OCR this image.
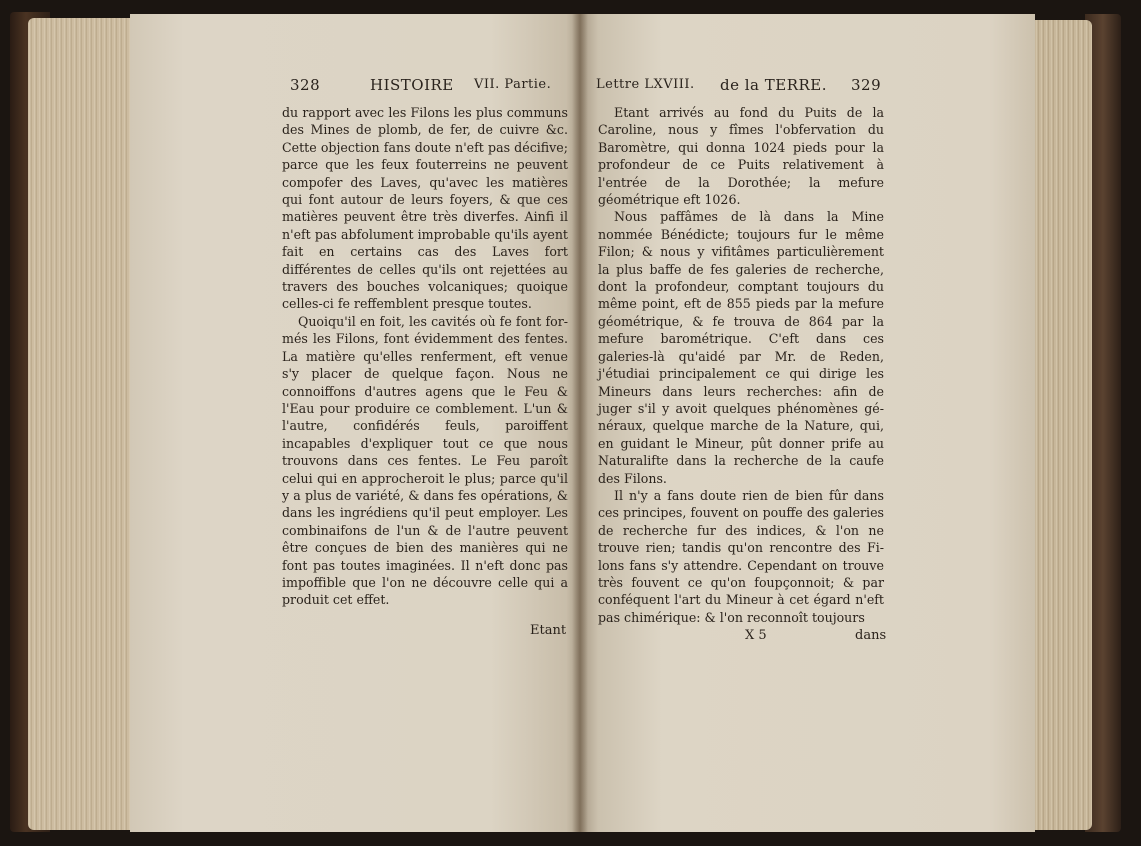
328	HISTOIRE VII. Partie.

du rapport avec les Filons les plus communs des Mines de plomb, de fer, de cuivre &c. Cette objection fans doute n'eft pas décifive; parce que les feux fouterreins ne peuvent compofer des Laves, qu'avec les matières qui font autour de leurs foyers, & que ces matières peuvent être très diverfes. Ainfi il n'eft pas abfolument improbable qu'ils ayent fait en certains cas des Laves fort différentes de celles qu'ils ont rejettées au travers des bouches volcaniques; quoique celles-ci fe reffemblent presque toutes.

Quoiqu'il en foit, les cavités où fe font formés les Filons, font évidemment des fentes. La matière qu'elles renferment, eft venue s'y placer de quelque façon. Nous ne connoiffons d'autres agens que le Feu & l'Eau pour produire ce comblement. L'un & l'autre, confidérés feuls, paroiffent incapables d'expliquer tout ce que nous trouvons dans ces fentes. Le Feu paroît celui qui en approcheroit le plus; parce qu'il y a plus de variété, & dans fes opérations, & dans les ingrédiens qu'il peut employer. Les combinaifons de l'un & de l'autre peuvent être conçues de bien des manières qui ne font pas toutes imaginées. Il n'eft donc pas impoffible que l'on ne découvre celle qui a produit cet effet.

Etant
Lettre LXVIII. de la TERRE. 329

Etant arrivés au fond du Puits de la Caroline, nous y fîmes l'obfervation du Baromètre, qui donna 1024 pieds pour la profondeur de ce Puits relativement à l'entrée de la Dorothée; la mefure géométrique eft 1026.

Nous paffâmes de là dans la Mine nommée Bénédicte; toujours fur le même Filon; & nous y vifitâmes particulièrement la plus baffe de fes galeries de recherche, dont la profondeur, comptant toujours du même point, eft de 855 pieds par la mefure géométrique, & fe trouva de 864 par la mefure barométrique. C'eft dans ces galeries-là qu'aidé par Mr. de Reden, j'étudiai principalement ce qui dirige les Mineurs dans leurs recherches: afin de juger s'il y avoit quelques phénomènes généraux, quelque marche de la Nature, qui, en guidant le Mineur, pût donner prife au Naturalifte dans la recherche de la caufe des Filons.

Il n'y a fans doute rien de bien fûr dans ces principes, fouvent on pouffe des galeries de recherche fur des indices, & l'on ne trouve rien; tandis qu'on rencontre des Filons fans s'y attendre. Cependant on trouve très fouvent ce qu'on foupçonnoit; & par conféquent l'art du Mineur à cet égard n'eft pas chimérique: & l'on reconnoît toujours

X 5	dans
